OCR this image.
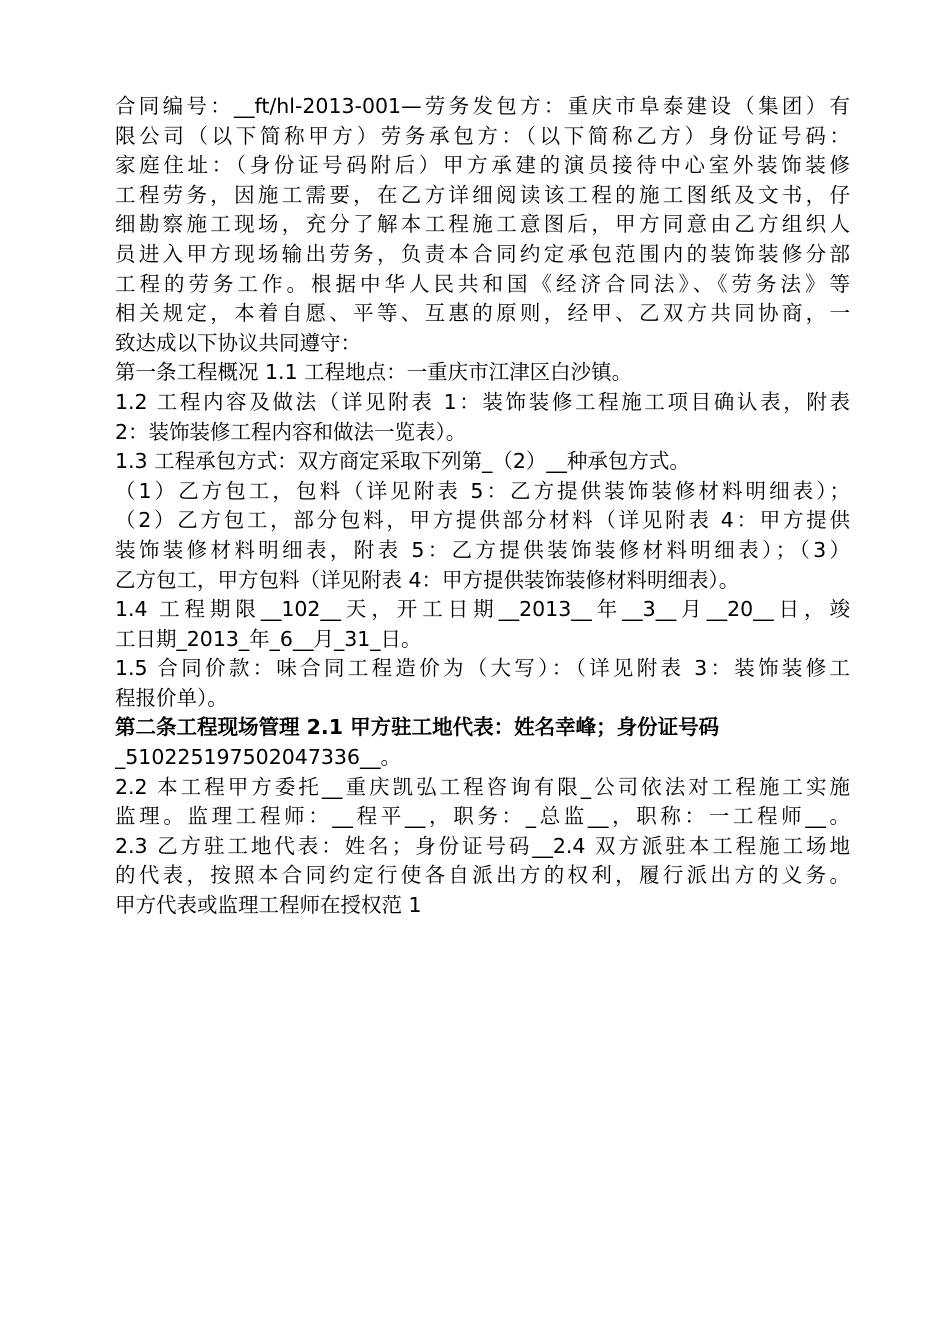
合同编号：__ft/hl-2013-001—劳务发包方：重庆市阜泰建设（集团）有
限公司（以下简称甲方）劳务承包方：（以下简称乙方）身份证号码：
家庭住址：（身份证号码附后）甲方承建的演员接待中心室外装饰装修
工程劳务，因施工需要，在乙方详细阅读该工程的施工图纸及文书，仔
细勘察施工现场，充分了解本工程施工意图后，甲方同意由乙方组织人
员进入甲方现场输出劳务，负责本合同约定承包范围内的装饰装修分部
工程的劳务工作。根据中华人民共和国《经济合同法》、《劳务法》等
相关规定，本着自愿、平等、互惠的原则，经甲、乙双方共同协商，一
致达成以下协议共同遵守：
第一条工程概况 1.1 工程地点：一重庆市江津区白沙镇。
1.2 工程内容及做法（详见附表 1：装饰装修工程施工项目确认表，附表
2：装饰装修工程内容和做法一览表）。
1.3 工程承包方式：双方商定采取下列第_（2）__种承包方式。
（1）乙方包工，包料（详见附表 5：乙方提供装饰装修材料明细表）；
（2）乙方包工，部分包料，甲方提供部分材料（详见附表 4：甲方提供
装饰装修材料明细表，附表 5：乙方提供装饰装修材料明细表）；（3）
乙方包工，甲方包料（详见附表 4：甲方提供装饰装修材料明细表）。
1.4 工程期限__102__天，开工日期__2013__年__3__月__20__日，竣
工日期_2013_年_6__月_31_日。
1.5 合同价款：味合同工程造价为（大写）：（详见附表 3：装饰装修工
程报价单）。
第二条工程现场管理 2.1 甲方驻工地代表：姓名幸峰；身份证号码
_510225197502047336__。
2.2 本工程甲方委托__重庆凯弘工程咨询有限_公司依法对工程施工实施
监理。监理工程师：__程平__，职务：_总监__，职称：一工程师__。
2.3 乙方驻工地代表：姓名；身份证号码__2.4 双方派驻本工程施工场地
的代表，按照本合同约定行使各自派出方的权利，履行派出方的义务。
甲方代表或监理工程师在授权范 1
